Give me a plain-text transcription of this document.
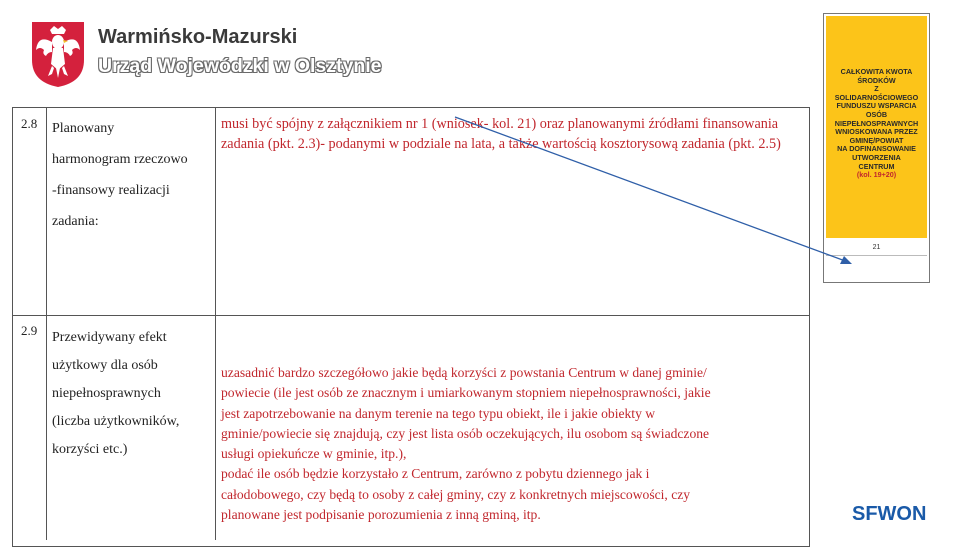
Warmińsko-Mazurski
Urząd Wojewódzki w Olsztynie
2.8 Planowany
harmonogram rzeczowo
-finansowy realizacji
zadania:
musi być spójny z załącznikiem nr 1 (wniosek- kol. 21) oraz planowanymi źródłami finansowania zadania (pkt. 2.3)- podanymi w podziale na lata, a także wartością kosztorysową zadania (pkt. 2.5)
2.9 Przewidywany efekt
użytkowy dla osób
niepełnosprawnych
(liczba użytkowników,
korzyści etc.)
uzasadnić bardzo szczegółowo jakie będą korzyści z powstania Centrum w danej gminie/
powiecie (ile jest osób ze znacznym i umiarkowanym stopniem niepełnosprawności, jakie
jest zapotrzebowanie na danym terenie na tego typu obiekt, ile i jakie obiekty w
gminie/powiecie się znajdują, czy jest lista osób oczekujących, ilu osobom są świadczone
usługi opiekuńcze w gminie, itp.),
podać ile osób będzie korzystało z Centrum, zarówno z pobytu dziennego jak i
całodobowego, czy będą to osoby z całej gminy, czy z konkretnych miejscowości, czy
planowane jest podpisanie porozumienia z inną gminą, itp.
CAŁKOWITA KWOTA
ŚRODKÓW
Z
SOLIDARNOŚCIOWEGO
FUNDUSZU WSPARCIA
OSÓB
NIEPEŁNOSPRAWNYCH
WNIOSKOWANA PRZEZ
GMINĘ/POWIAT
NA DOFINANSOWANIE
UTWORZENIA
CENTRUM
(kol. 19+20)
21
SFWON
